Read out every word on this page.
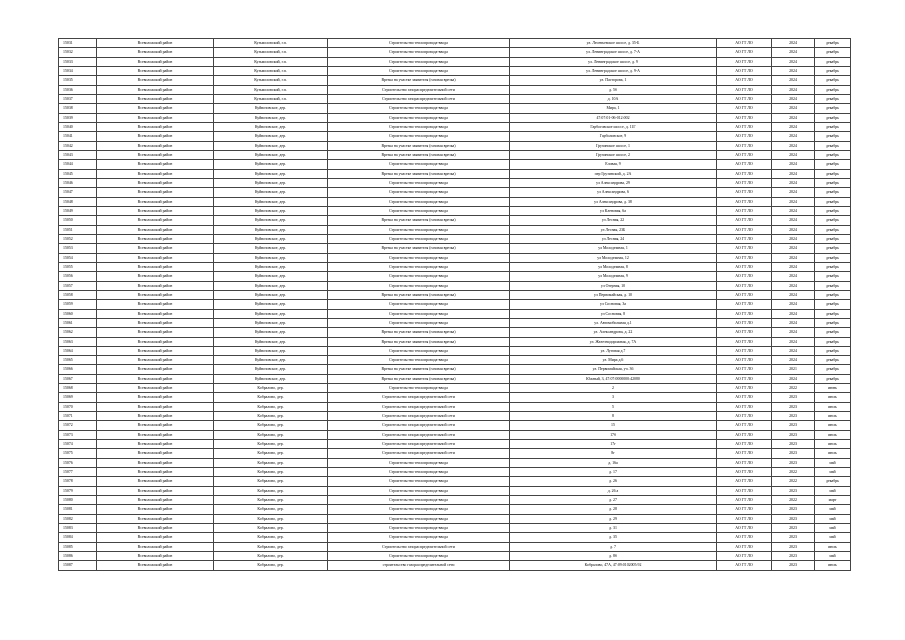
15031	Всеволожский район	Кузьмоловский, г.п.	Строительство теплопровода-ввода	ул. Леонтьевское шоссе, д. 35-Б	АО ГТ ЛО	2024	декабрь
15032	Всеволожский район	Кузьмоловский, г.п.	Строительство теплопровода-ввода	ул. Ленинградское шоссе, д. 7-А	АО ГТ ЛО	2024	декабрь
15033	Всеволожский район	Кузьмоловский, г.п.	Строительство теплопровода-ввода	ул. Ленинградское шоссе, д. 9	АО ГТ ЛО	2024	декабрь
15034	Всеволожский район	Кузьмоловский, г.п.	Строительство теплопровода-ввода	ул. Ленинградское шоссе, д. 9-А	АО ГТ ЛО	2024	декабрь
15035	Всеволожский район	Кузьмоловский, г.п.	Врезка на участке заявителя (газовая врезка)	ул. Пасторова, 1	АО ГТ ЛО	2024	декабрь
15036	Всеволожский район	Кузьмоловский, г.п.	Строительство газораспределительной сети	д. 5б	АО ГТ ЛО	2024	декабрь
15037	Всеволожский район	Кузьмоловский, г.п.	Строительство газораспределительной сети	д. 10А	АО ГТ ЛО	2024	декабрь
15038	Всеволожский район	Куйвозовское, дер.	Строительство теплопровода-ввода	Мира, 1	АО ГТ ЛО	2024	декабрь
15039	Всеволожский район	Куйвозовское, дер.	Строительство теплопровода-ввода	47:07:01-06-012:002	АО ГТ ЛО	2024	декабрь
15040	Всеволожский район	Куйвозовское, дер.	Строительство теплопровода-ввода	Гарбоговское шоссе, д. 11Г	АО ГТ ЛО	2024	декабрь
15041	Всеволожский район	Куйвозовское, дер.	Строительство теплопровода-ввода	Гарболовское, 9	АО ГТ ЛО	2024	декабрь
15042	Всеволожский район	Куйвозовское, дер.	Врезка на участке заявителя (газовая врезка)	Грузинское шоссе, 1	АО ГТ ЛО	2024	декабрь
15043	Всеволожский район	Куйвозовское, дер.	Врезка на участке заявителя (газовая врезка)	Грузинское шоссе, 2	АО ГТ ЛО	2024	декабрь
15044	Всеволожский район	Куйвозовское, дер.	Строительство теплопровода-ввода	Еловая, 9	АО ГТ ЛО	2024	декабрь
15045	Всеволожский район	Куйвозовское, дер.	Врезка на участке заявителя (газовая врезка)	пер Грузинский, д. 2А	АО ГТ ЛО	2024	декабрь
15046	Всеволожский район	Куйвозовское, дер.	Строительство теплопровода-ввода	ул Александрова, 29	АО ГТ ЛО	2024	декабрь
15047	Всеволожский район	Куйвозовское, дер.	Строительство теплопровода-ввода	ул Александрова, 6	АО ГТ ЛО	2024	декабрь
15048	Всеволожский район	Куйвозовское, дер.	Строительство теплопровода-ввода	ул Александрова, д. 38	АО ГТ ЛО	2024	декабрь
15049	Всеволожский район	Куйвозовское, дер.	Строительство теплопровода-ввода	ул Кленовая, 6а	АО ГТ ЛО	2024	декабрь
15050	Всеволожский район	Куйвозовское, дер.	Врезка на участке заявителя (газовая врезка)	ул Лесная, 22	АО ГТ ЛО	2024	декабрь
15051	Всеволожский район	Куйвозовское, дер.	Строительство теплопровода-ввода	ул Лесная, 23Б	АО ГТ ЛО	2024	декабрь
15052	Всеволожский район	Куйвозовское, дер.	Строительство теплопровода-ввода	ул Лесная, 24	АО ГТ ЛО	2024	декабрь
15053	Всеволожский район	Куйвозовское, дер.	Врезка на участке заявителя (газовая врезка)	ул Молодежная, 1	АО ГТ ЛО	2024	декабрь
15054	Всеволожский район	Куйвозовское, дер.	Строительство теплопровода-ввода	ул Молодежная, 12	АО ГТ ЛО	2024	декабрь
15055	Всеволожский район	Куйвозовское, дер.	Строительство теплопровода-ввода	ул Молодежная, 8	АО ГТ ЛО	2024	декабрь
15056	Всеволожский район	Куйвозовское, дер.	Строительство теплопровода-ввода	ул Молодежная, 9	АО ГТ ЛО	2024	декабрь
15057	Всеволожский район	Куйвозовское, дер.	Строительство теплопровода-ввода	ул Озерная, 10	АО ГТ ЛО	2024	декабрь
15058	Всеволожский район	Куйвозовское, дер.	Врезка на участке заявителя (газовая врезка)	ул Первомайская, д. 10	АО ГТ ЛО	2024	декабрь
15059	Всеволожский район	Куйвозовское, дер.	Строительство теплопровода-ввода	ул Сосновая, 3а	АО ГТ ЛО	2024	декабрь
15060	Всеволожский район	Куйвозовское, дер.	Строительство теплопровода-ввода	ул Сосновая, 8	АО ГТ ЛО	2024	декабрь
15061	Всеволожский район	Куйвозовское, дер.	Строительство теплопровода-ввода	ул. Автомобильная д.1	АО ГТ ЛО	2024	декабрь
15062	Всеволожский район	Куйвозовское, дер.	Врезка на участке заявителя (газовая врезка)	ул. Александрова, д. 22	АО ГТ ЛО	2024	декабрь
15063	Всеволожский район	Куйвозовское, дер.	Врезка на участке заявителя (газовая врезка)	ул. Железнодорожная, д. 7А	АО ГТ ЛО	2024	декабрь
15064	Всеволожский район	Куйвозовское, дер.	Строительство теплопровода-ввода	ул. Луговая д.7	АО ГТ ЛО	2024	декабрь
15065	Всеволожский район	Куйвозовское, дер.	Строительство теплопровода-ввода	ул. Мира д.6	АО ГТ ЛО	2024	декабрь
15066	Всеволожский район	Куйвозовское, дер.	Врезка на участке заявителя (газовая врезка)	ул. Первомайская, уч. 36	АО ГТ ЛО	2021	декабрь
15067	Всеволожский район	Куйвозовское, дер.	Врезка на участке заявителя (газовая врезка)	Южный, 3, 47:07:0000000:42080	АО ГТ ЛО	2024	декабрь
15068	Всеволожский район	Кобралово, дер.	Строительство теплопровода-ввода	2	АО ГТ ЛО	2022	июнь
15069	Всеволожский район	Кобралово, дер.	Строительство газораспределительной сети	3	АО ГТ ЛО	2023	июль
15070	Всеволожский район	Кобралово, дер.	Строительство газораспределительной сети	5	АО ГТ ЛО	2023	июль
15071	Всеволожский район	Кобралово, дер.	Строительство газораспределительной сети	8	АО ГТ ЛО	2023	июль
15072	Всеволожский район	Кобралово, дер.	Строительство газораспределительной сети	15	АО ГТ ЛО	2023	июль
15073	Всеволожский район	Кобралово, дер.	Строительство газораспределительной сети	17б	АО ГТ ЛО	2023	июль
15074	Всеволожский район	Кобралово, дер.	Строительство газораспределительной сети	17г	АО ГТ ЛО	2023	июль
15075	Всеволожский район	Кобралово, дер.	Строительство газораспределительной сети	8г	АО ГТ ЛО	2023	июль
15076	Всеволожский район	Кобралово, дер.	Строительство теплопровода-ввода	д. 16а	АО ГТ ЛО	2023	май
15077	Всеволожский район	Кобралово, дер.	Строительство теплопровода-ввода	д. 17	АО ГТ ЛО	2022	май
15078	Всеволожский район	Кобралово, дер.	Строительство теплопровода-ввода	д. 26	АО ГТ ЛО	2022	декабрь
15079	Всеволожский район	Кобралово, дер.	Строительство теплопровода-ввода	д. 26 а	АО ГТ ЛО	2023	май
15080	Всеволожский район	Кобралово, дер.	Строительство теплопровода-ввода	д. 27	АО ГТ ЛО	2022	март
15081	Всеволожский район	Кобралово, дер.	Строительство теплопровода-ввода	д. 28	АО ГТ ЛО	2023	май
15082	Всеволожский район	Кобралово, дер.	Строительство теплопровода-ввода	д. 29	АО ГТ ЛО	2023	май
15083	Всеволожский район	Кобралово, дер.	Строительство теплопровода-ввода	д. 31	АО ГТ ЛО	2023	май
15084	Всеволожский район	Кобралово, дер.	Строительство теплопровода-ввода	д. 35	АО ГТ ЛО	2023	май
15085	Всеволожский район	Кобралово, дер.	Строительство газораспределительной сети	д. 7	АО ГТ ЛО	2023	июль
15086	Всеволожский район	Кобралово, дер.	Строительство теплопровода-ввода	д. 8б	АО ГТ ЛО	2023	май
15087	Всеволожский район	Кобралово, дер.	строительство газораспределительной сети	Кобралово, 47А, 47:09:0102005:92	АО ГТ ЛО	2023	июль
